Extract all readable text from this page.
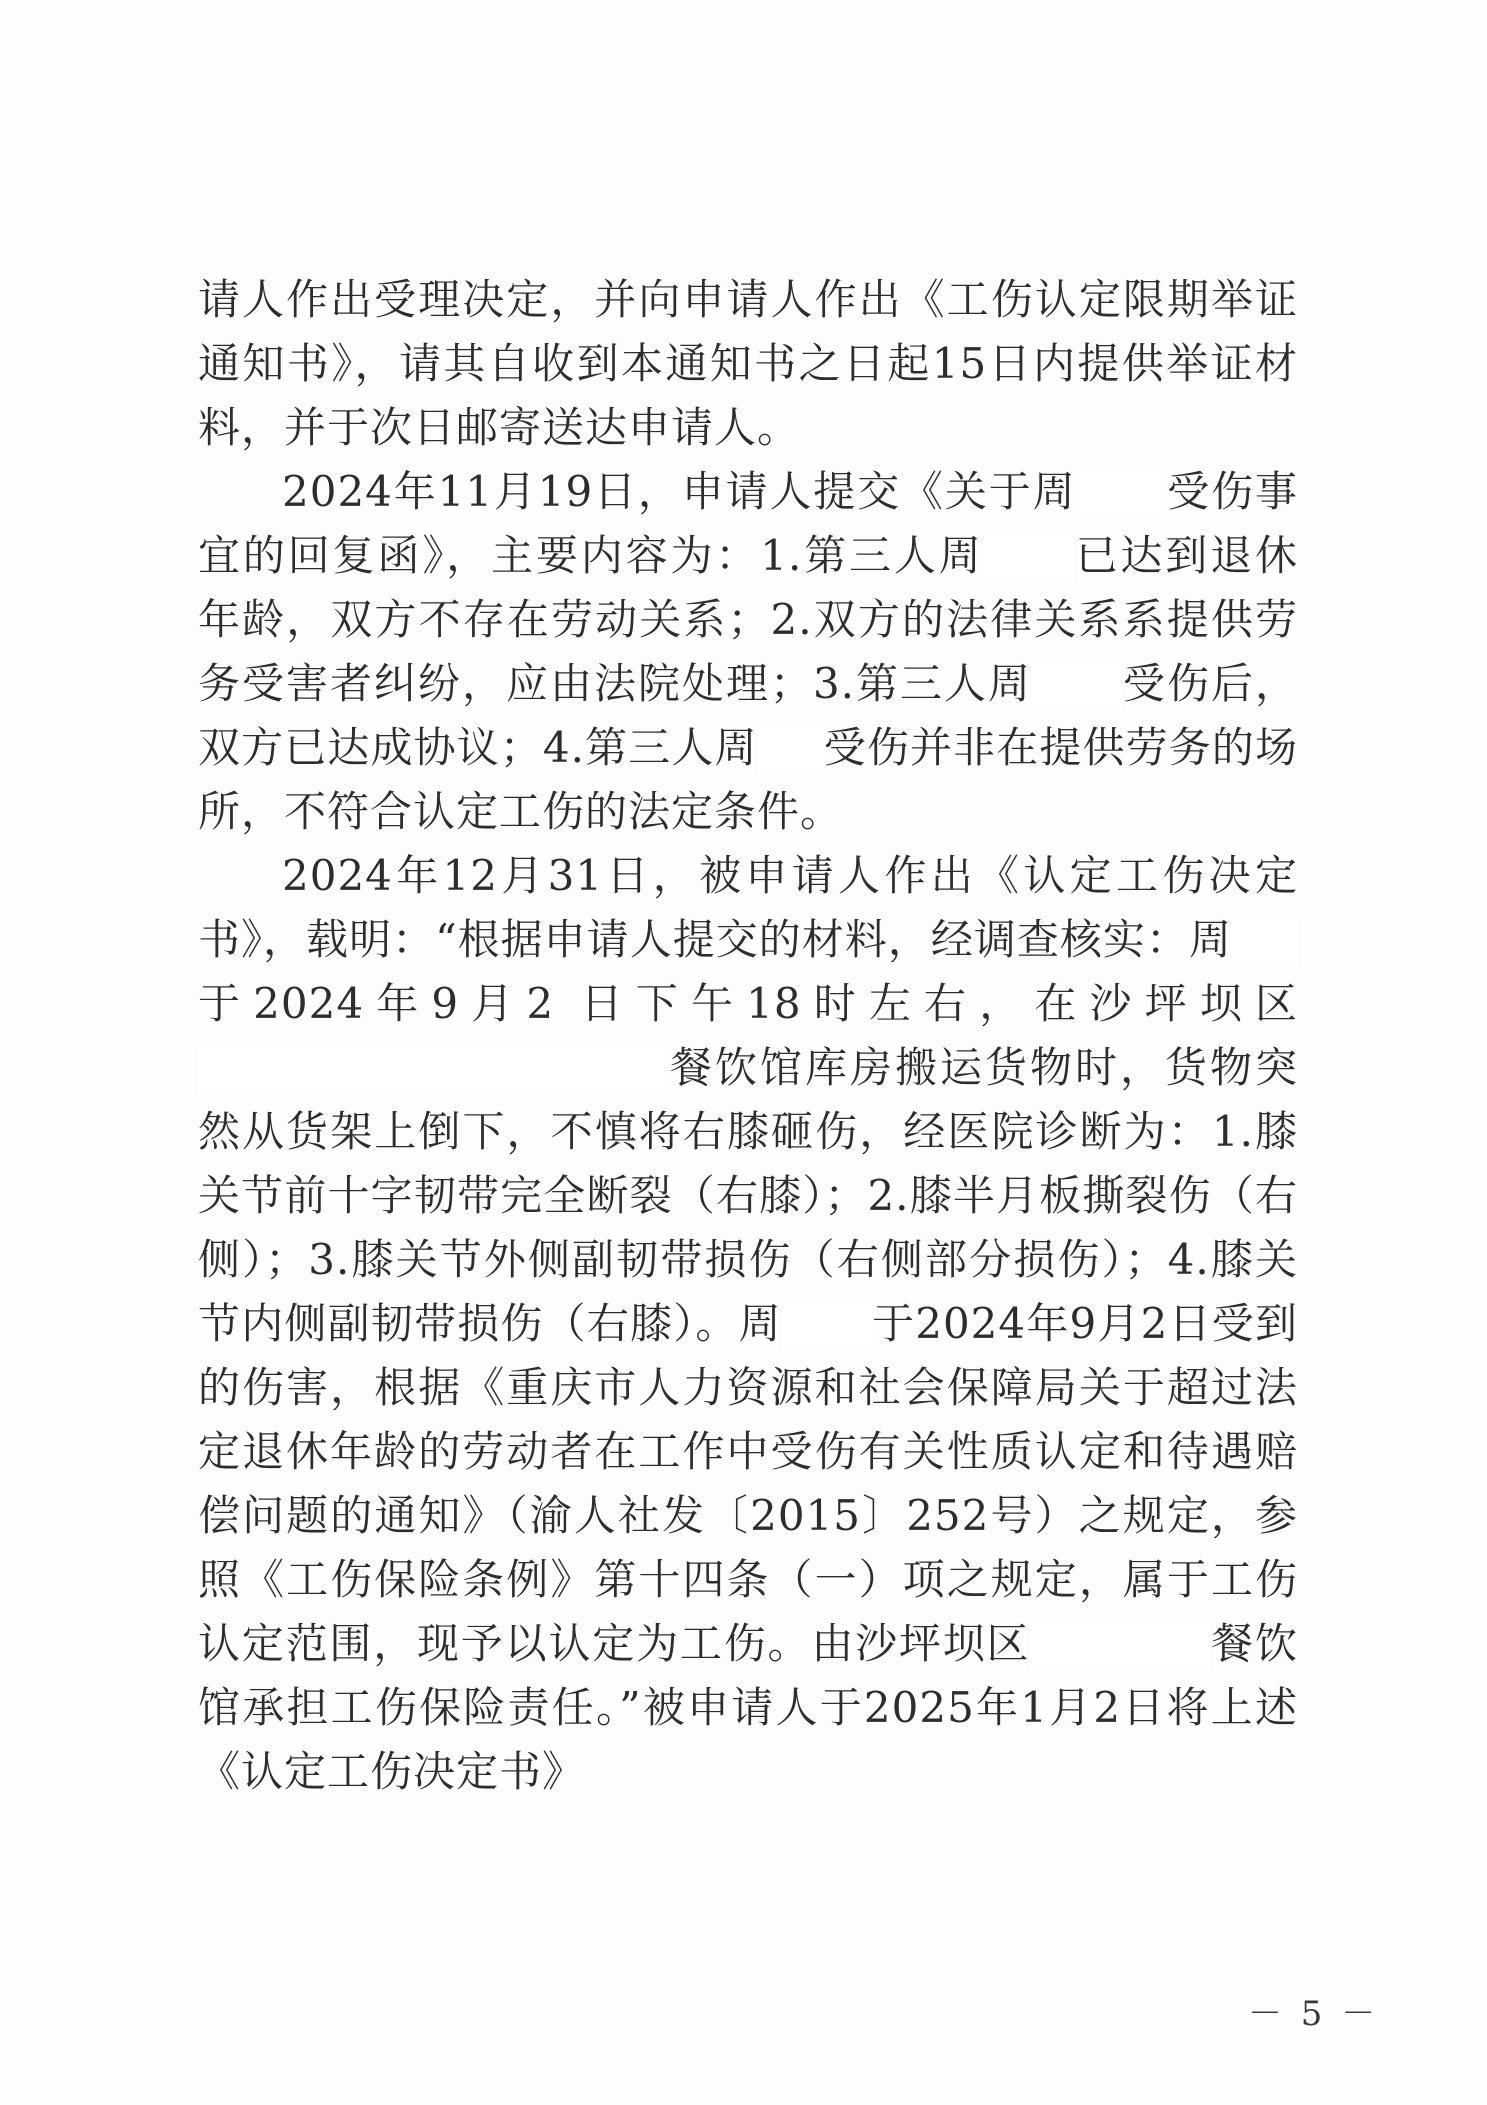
请人作出受理决定，并向申请人作出《工伤认定限期举证通知书》，请其自收到本通知书之日起15日内提供举证材料，并于次日邮寄送达申请人。

2024年11月19日，申请人提交《关于周 受伤事宜的回复函》，主要内容为：1.第三人周 已达到退休年龄，双方不存在劳动关系；2.双方的法律关系系提供劳务受害者纠纷，应由法院处理；3.第三人周 受伤后，双方已达成协议；4.第三人周 受伤并非在提供劳务的场所，不符合认定工伤的法定条件。

2024年12月31日，被申请人作出《认定工伤决定书》，载明：“根据申请人提交的材料，经调查核实：周于2024年9月2 日下午18时左右，在沙坪坝区餐饮馆库房搬运货物时，货物突然从货架上倒下，不慎将右膝砸伤，经医院诊断为：1.膝关节前十字韧带完全断裂（右膝）；2.膝半月板撕裂伤（右侧）；3.膝关节外侧副韧带损伤（右侧部分损伤）；4.膝关节内侧副韧带损伤（右膝）。周 于2024年9月2日受到的伤害，根据《重庆市人力资源和社会保障局关于超过法定退休年龄的劳动者在工作中受伤有关性质认定和待遇赔偿问题的通知》（渝人社发〔2015〕252号）之规定，参照《工伤保险条例》第十四条（一）项之规定，属于工伤认定范围，现予以认定为工伤。由沙坪坝区	餐饮馆承担工伤保险责任。”被申请人于2025年1月2日将上述《认定工伤决定书》

－ 5 －
